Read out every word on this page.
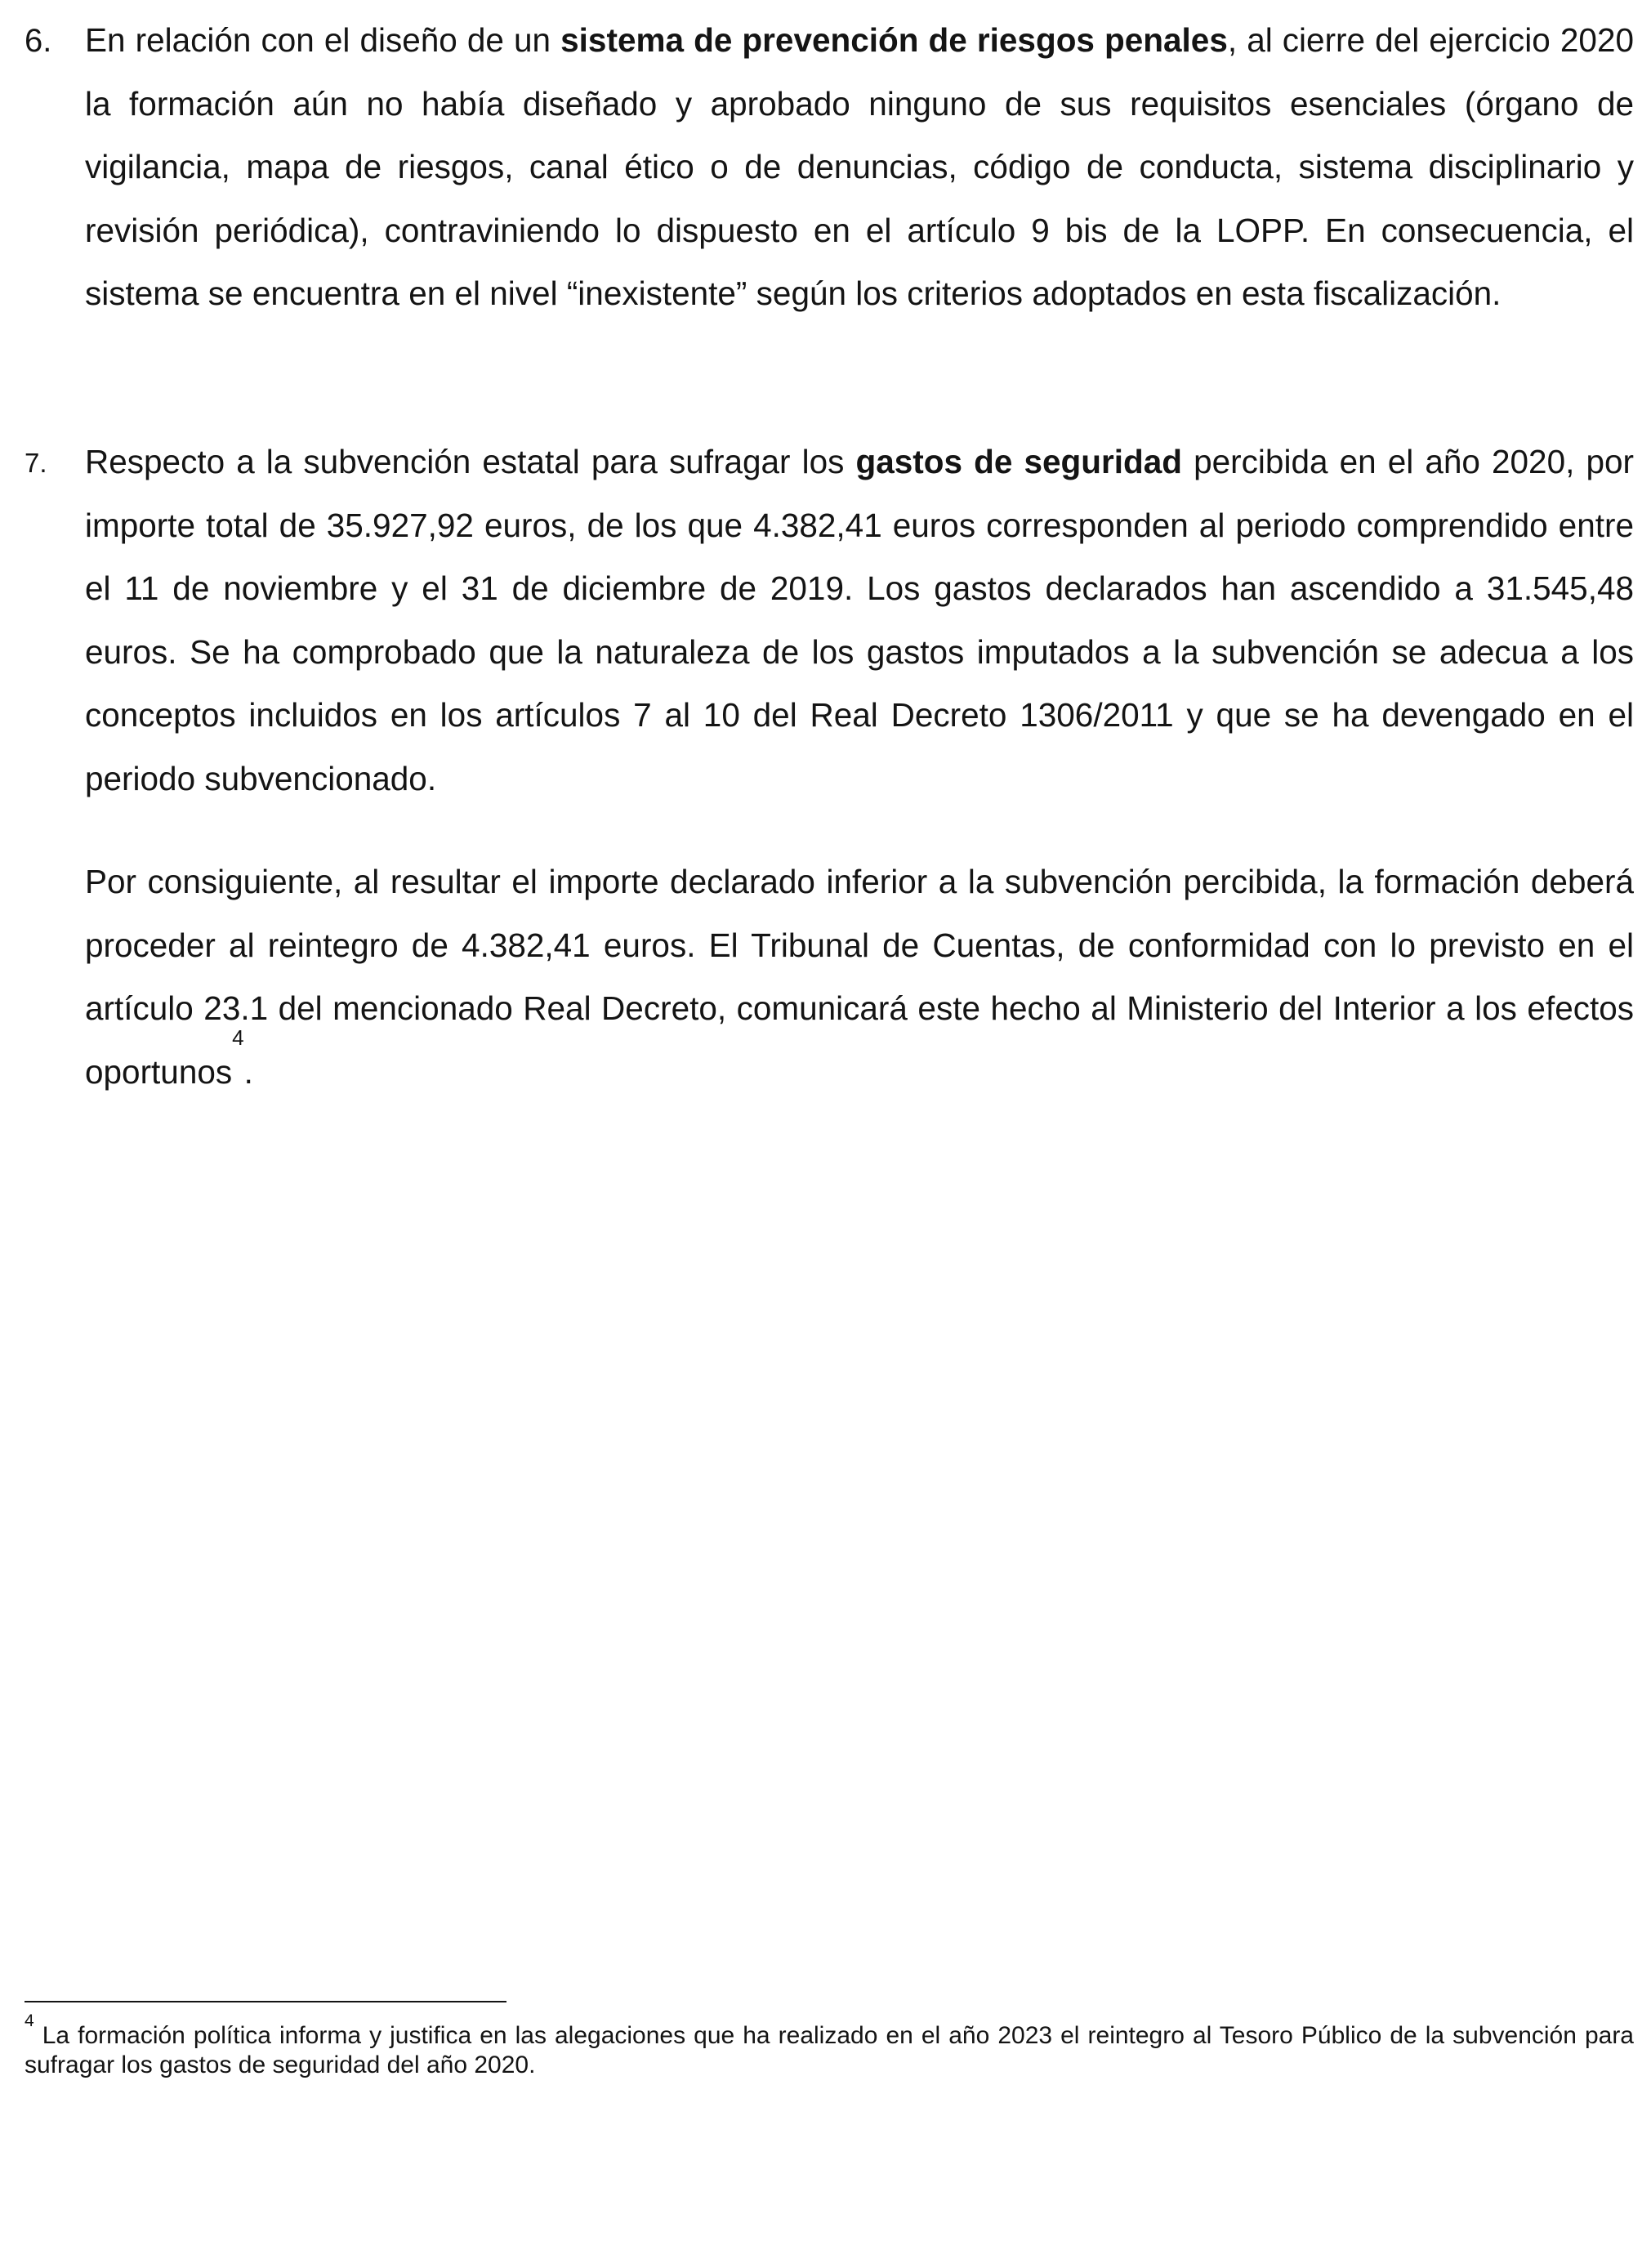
6. En relación con el diseño de un sistema de prevención de riesgos penales, al cierre del ejercicio 2020 la formación aún no había diseñado y aprobado ninguno de sus requisitos esenciales (órgano de vigilancia, mapa de riesgos, canal ético o de denuncias, código de conducta, sistema disciplinario y revisión periódica), contraviniendo lo dispuesto en el artículo 9 bis de la LOPP. En consecuencia, el sistema se encuentra en el nivel “inexistente” según los criterios adoptados en esta fiscalización.

7. Respecto a la subvención estatal para sufragar los gastos de seguridad percibida en el año 2020, por importe total de 35.927,92 euros, de los que 4.382,41 euros corresponden al periodo comprendido entre el 11 de noviembre y el 31 de diciembre de 2019. Los gastos declarados han ascendido a 31.545,48 euros. Se ha comprobado que la naturaleza de los gastos imputados a la subvención se adecua a los conceptos incluidos en los artículos 7 al 10 del Real Decreto 1306/2011 y que se ha devengado en el periodo subvencionado.

Por consiguiente, al resultar el importe declarado inferior a la subvención percibida, la formación deberá proceder al reintegro de 4.382,41 euros. El Tribunal de Cuentas, de conformidad con lo previsto en el artículo 23.1 del mencionado Real Decreto, comunicará este hecho al Ministerio del Interior a los efectos oportunos$^4$.

$^4$ La formación política informa y justifica en las alegaciones que ha realizado en el año 2023 el reintegro al Tesoro Público de la subvención para sufragar los gastos de seguridad del año 2020.
